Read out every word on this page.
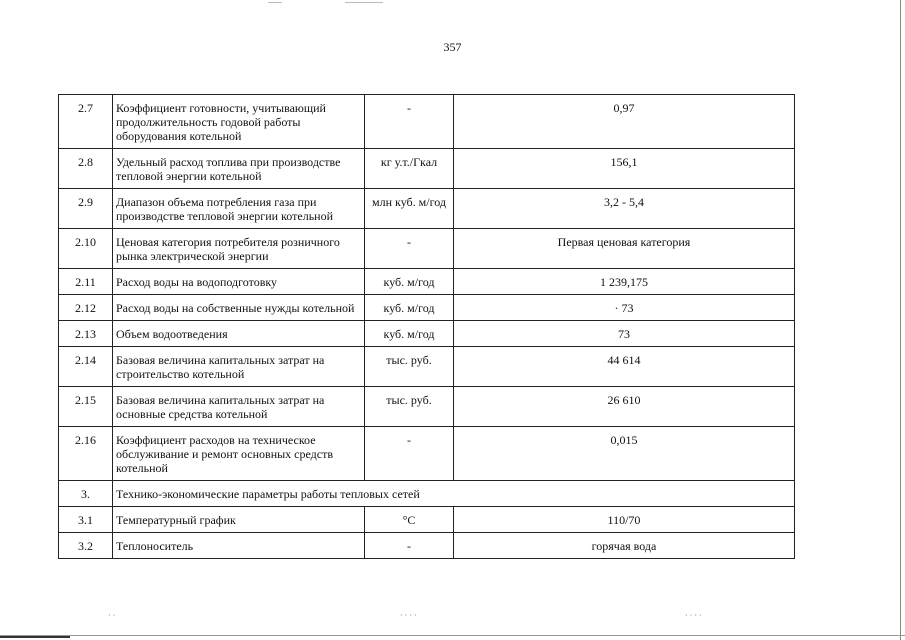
357
2.7	Коэффициент готовности, учитывающий продолжительность годовой работы оборудования котельной	-	0,97
2.8	Удельный расход топлива при производстве тепловой энергии котельной	кг у.т./Гкал	156,1
2.9	Диапазон объема потребления газа при производстве тепловой энергии котельной	млн куб. м/год	3,2 - 5,4
2.10	Ценовая категория потребителя розничного рынка электрической энергии	-	Первая ценовая категория
2.11	Расход воды на водоподготовку	куб. м/год	1 239,175
2.12	Расход воды на собственные нужды котельной	куб. м/год	· 73
2.13	Объем водоотведения	куб. м/год	73
2.14	Базовая величина капитальных затрат на строительство котельной	тыс. руб.	44 614
2.15	Базовая величина капитальных затрат на основные средства котельной	тыс. руб.	26 610
2.16	Коэффициент расходов на техническое обслуживание и ремонт основных средств котельной	-	0,015
3.	Технико-экономические параметры работы тепловых сетей		
3.1	Температурный график	°С	110/70
3.2	Теплоноситель	-	горячая вода
· ·	· · · ·	· · · ·
